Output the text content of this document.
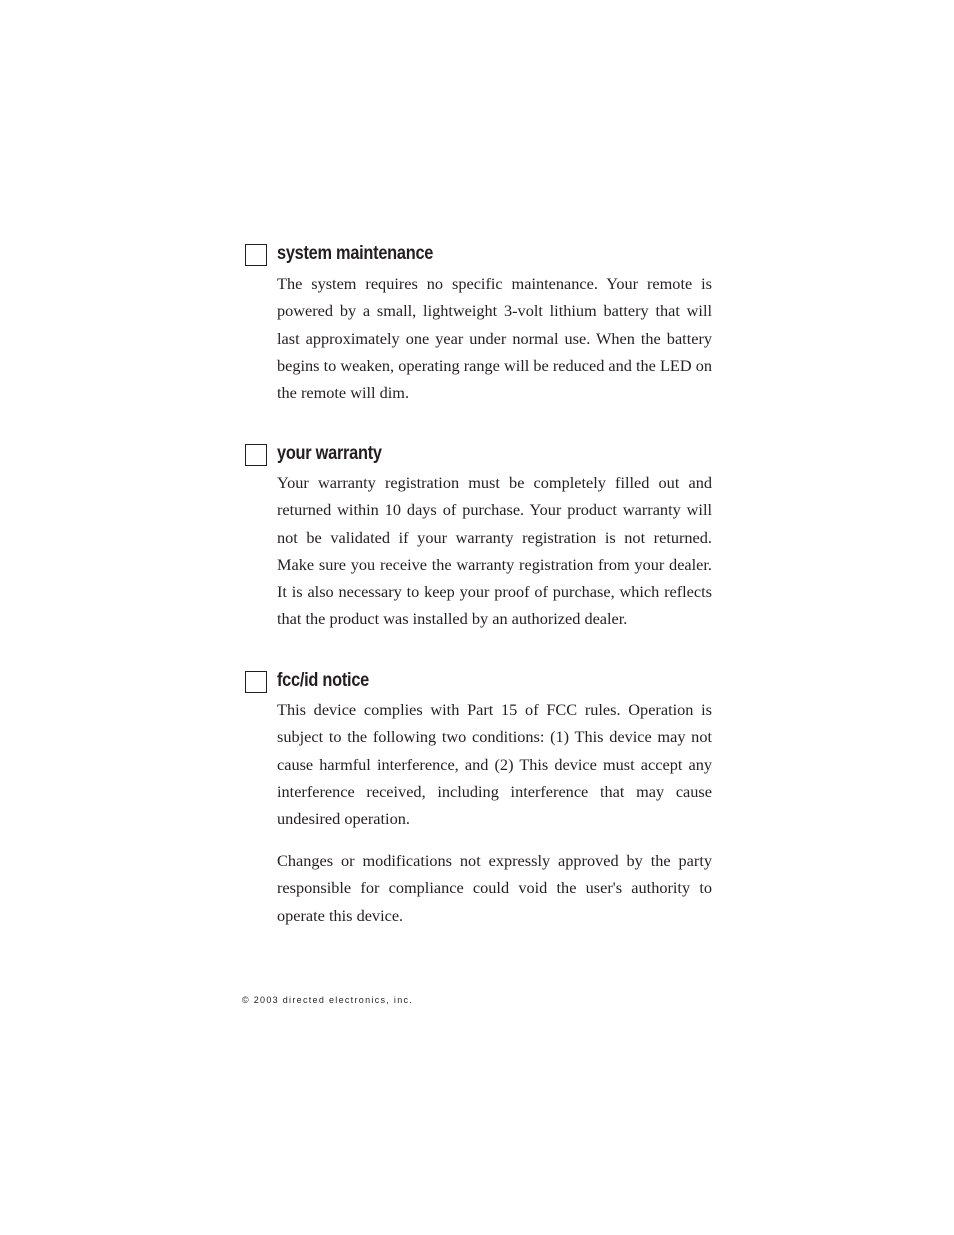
system maintenance

The system requires no specific maintenance. Your remote is powered by a small, lightweight 3-volt lithium battery that will last approximately one year under normal use. When the battery begins to weaken, operating range will be reduced and the LED on the remote will dim.

your warranty

Your warranty registration must be completely filled out and returned within 10 days of purchase. Your product warranty will not be validated if your warranty registration is not returned. Make sure you receive the warranty registration from your dealer. It is also necessary to keep your proof of purchase, which reflects that the product was installed by an authorized dealer.

fcc/id notice

This device complies with Part 15 of FCC rules. Operation is subject to the following two conditions: (1) This device may not cause harmful interference, and (2) This device must accept any interference received, including interference that may cause undesired operation.

Changes or modifications not expressly approved by the party responsible for compliance could void the user's authority to operate this device.

© 2003 directed electronics, inc.
